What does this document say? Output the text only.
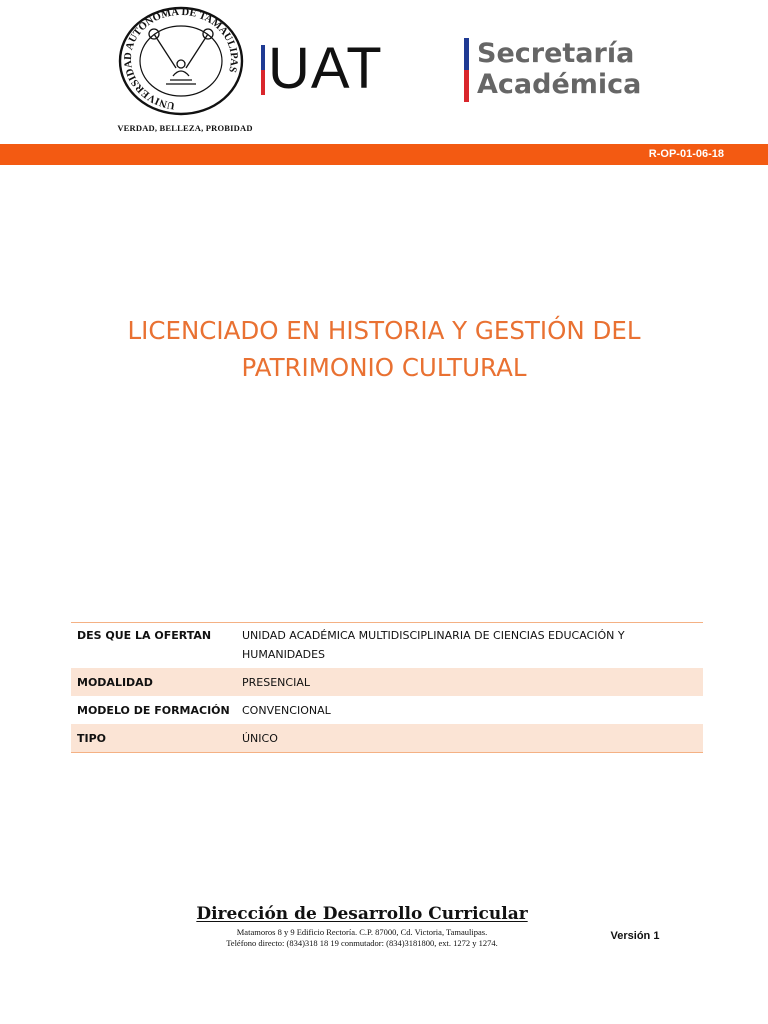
UNIVERSIDAD AUTONOMA DE TAMAULIPAS
VERDAD, BELLEZA, PROBIDAD
UAT	Secretaría
Académica
R-OP-01-06-18
LICENCIADO EN HISTORIA Y GESTIÓN DEL
PATRIMONIO CULTURAL
DES QUE LA OFERTAN	UNIDAD ACADÉMICA MULTIDISCIPLINARIA DE CIENCIAS EDUCACIÓN Y HUMANIDADES
MODALIDAD	PRESENCIAL
MODELO DE FORMACIÓN	CONVENCIONAL
TIPO	ÚNICO
Dirección de Desarrollo Curricular
Matamoros 8 y 9 Edificio Rectoría. C.P. 87000, Cd. Victoria, Tamaulipas.
Teléfono directo: (834)318 18 19 conmutador: (834)3181800, ext. 1272 y 1274.
Versión 1
